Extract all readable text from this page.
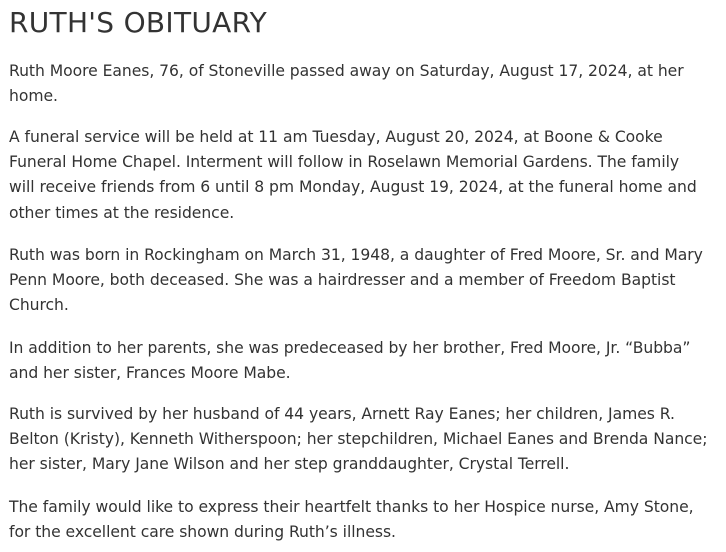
RUTH'S OBITUARY

Ruth Moore Eanes, 76, of Stoneville passed away on Saturday, August 17, 2024, at her home.

A funeral service will be held at 11 am Tuesday, August 20, 2024, at Boone & Cooke Funeral Home Chapel. Interment will follow in Roselawn Memorial Gardens. The family will receive friends from 6 until 8 pm Monday, August 19, 2024, at the funeral home and other times at the residence.

Ruth was born in Rockingham on March 31, 1948, a daughter of Fred Moore, Sr. and Mary Penn Moore, both deceased. She was a hairdresser and a member of Freedom Baptist Church.

In addition to her parents, she was predeceased by her brother, Fred Moore, Jr. “Bubba” and her sister, Frances Moore Mabe.

Ruth is survived by her husband of 44 years, Arnett Ray Eanes; her children, James R. Belton (Kristy), Kenneth Witherspoon; her stepchildren, Michael Eanes and Brenda Nance; her sister, Mary Jane Wilson and her step granddaughter, Crystal Terrell.

The family would like to express their heartfelt thanks to her Hospice nurse, Amy Stone, for the excellent care shown during Ruth’s illness.
